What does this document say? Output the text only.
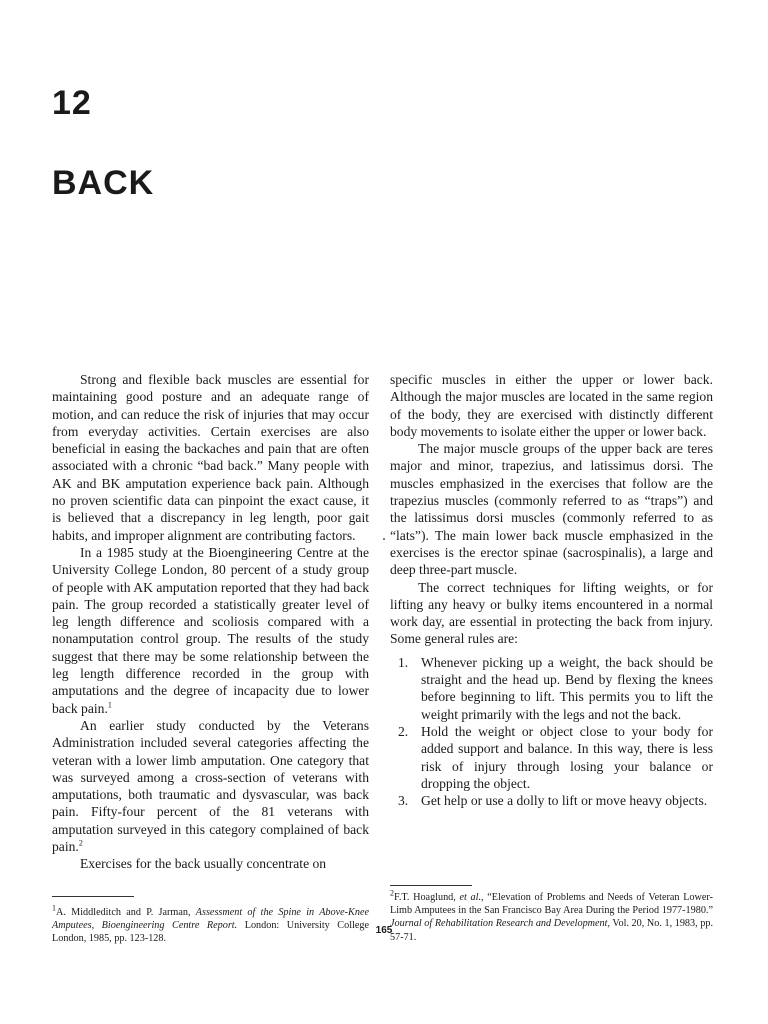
12
BACK

Strong and flexible back muscles are essential for maintaining good posture and an adequate range of motion, and can reduce the risk of injuries that may occur from everyday activities. Certain exercises are also beneficial in easing the backaches and pain that are often associated with a chronic “bad back.” Many people with AK and BK amputation experience back pain. Although no proven scientific data can pinpoint the exact cause, it is believed that a discrepancy in leg length, poor gait habits, and improper alignment are contributing factors.

In a 1985 study at the Bioengineering Centre at the University College London, 80 percent of a study group of people with AK amputation reported that they had back pain. The group recorded a statistically greater level of leg length difference and scoliosis compared with a nonamputation control group. The results of the study suggest that there may be some relationship between the leg length difference recorded in the group with amputations and the degree of incapacity due to lower back pain.$^1$

An earlier study conducted by the Veterans Administration included several categories affecting the veteran with a lower limb amputation. One category that was surveyed among a cross-section of veterans with amputations, both traumatic and dysvascular, was back pain. Fifty-four percent of the 81 veterans with amputation surveyed in this category complained of back pain.$^2$

Exercises for the back usually concentrate on

specific muscles in either the upper or lower back. Although the major muscles are located in the same region of the body, they are exercised with distinctly different body movements to isolate either the upper or lower back.

The major muscle groups of the upper back are teres major and minor, trapezius, and latissimus dorsi. The muscles emphasized in the exercises that follow are the trapezius muscles (commonly referred to as “traps”) and the latissimus dorsi muscles (commonly referred to as “lats”). The main lower back muscle emphasized in the exercises is the erector spinae (sacrospinalis), a large and deep three-part muscle.

The correct techniques for lifting weights, or for lifting any heavy or bulky items encountered in a normal work day, are essential in protecting the back from injury. Some general rules are:

1. Whenever picking up a weight, the back should be straight and the head up. Bend by flexing the knees before beginning to lift. This permits you to lift the weight primarily with the legs and not the back.
2. Hold the weight or object close to your body for added support and balance. In this way, there is less risk of injury through losing your balance or dropping the object.
3. Get help or use a dolly to lift or move heavy objects.

$^1$A. Middleditch and P. Jarman, Assessment of the Spine in Above-Knee Amputees, Bioengineering Centre Report. London: University College London, 1985, pp. 123-128.

$^2$F.T. Hoaglund, et al., “Elevation of Problems and Needs of Veteran Lower-Limb Amputees in the San Francisco Bay Area During the Period 1977-1980.” Journal of Rehabilitation Research and Development, Vol. 20, No. 1, 1983, pp. 57-71.

165
